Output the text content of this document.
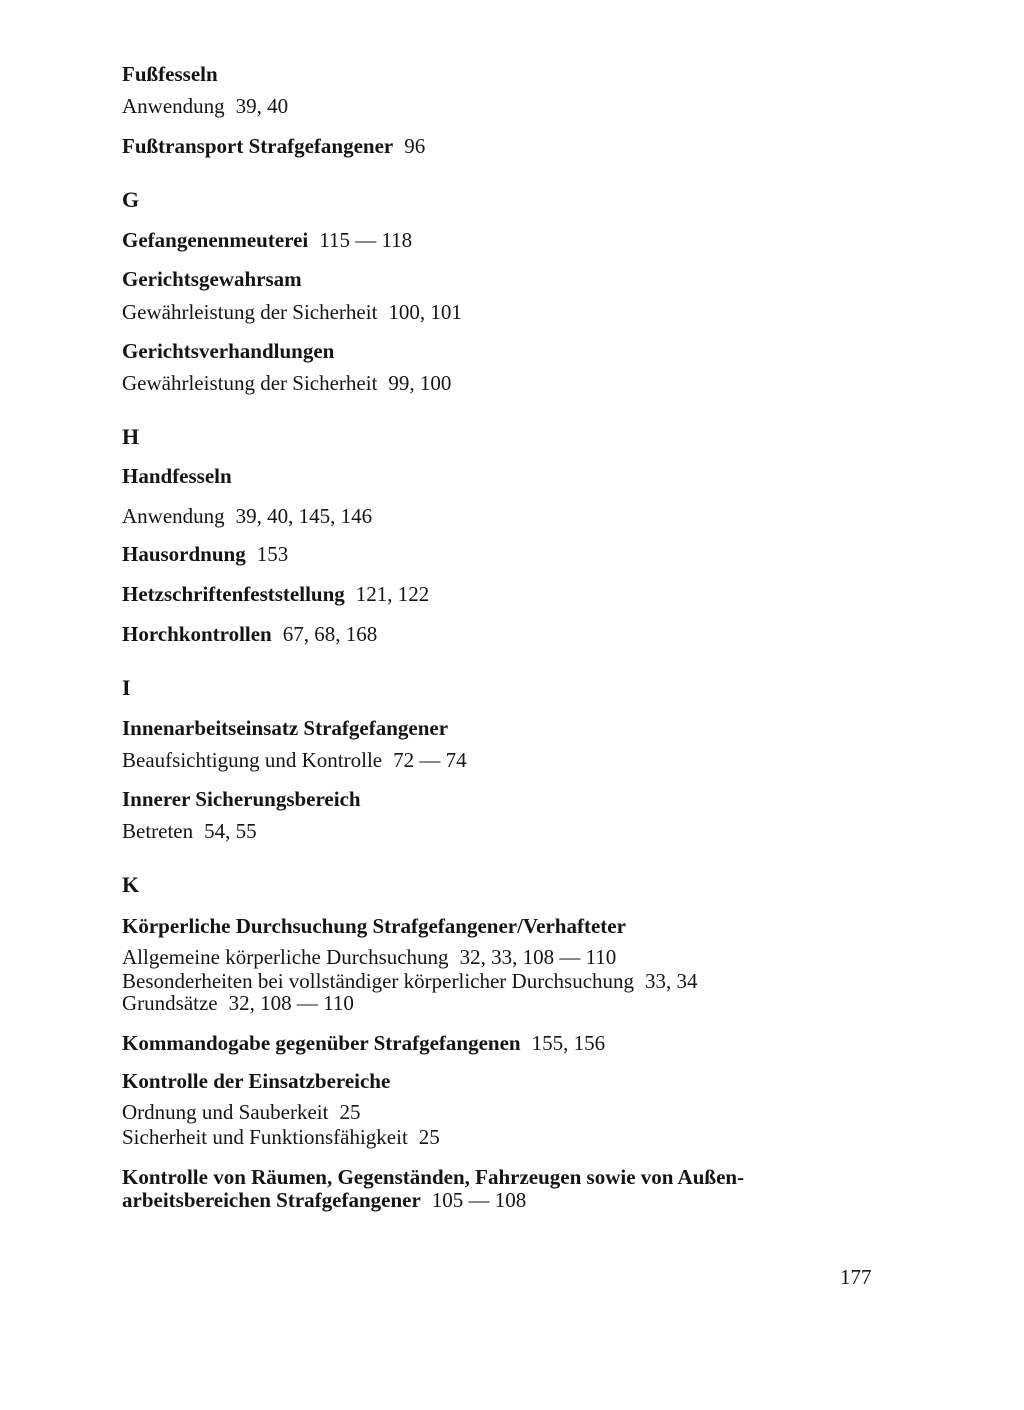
Fußfesseln
Anwendung 39, 40
Fußtransport Strafgefangener 96
G
Gefangenenmeuterei 115 — 118
Gerichtsgewahrsam
Gewährleistung der Sicherheit 100, 101
Gerichtsverhandlungen
Gewährleistung der Sicherheit 99, 100
H
Handfesseln
Anwendung 39, 40, 145, 146
Hausordnung 153
Hetzschriftenfeststellung 121, 122
Horchkontrollen 67, 68, 168
I
Innenarbeitseinsatz Strafgefangener
Beaufsichtigung und Kontrolle 72 — 74
Innerer Sicherungsbereich
Betreten 54, 55
K
Körperliche Durchsuchung Strafgefangener/Verhafteter
Allgemeine körperliche Durchsuchung 32, 33, 108 — 110
Besonderheiten bei vollständiger körperlicher Durchsuchung 33, 34
Grundsätze 32, 108 — 110
Kommandogabe gegenüber Strafgefangenen 155, 156
Kontrolle der Einsatzbereiche
Ordnung und Sauberkeit 25
Sicherheit und Funktionsfähigkeit 25
Kontrolle von Räumen, Gegenständen, Fahrzeugen sowie von Außen-
arbeitsbereichen Strafgefangener 105 — 108
177
